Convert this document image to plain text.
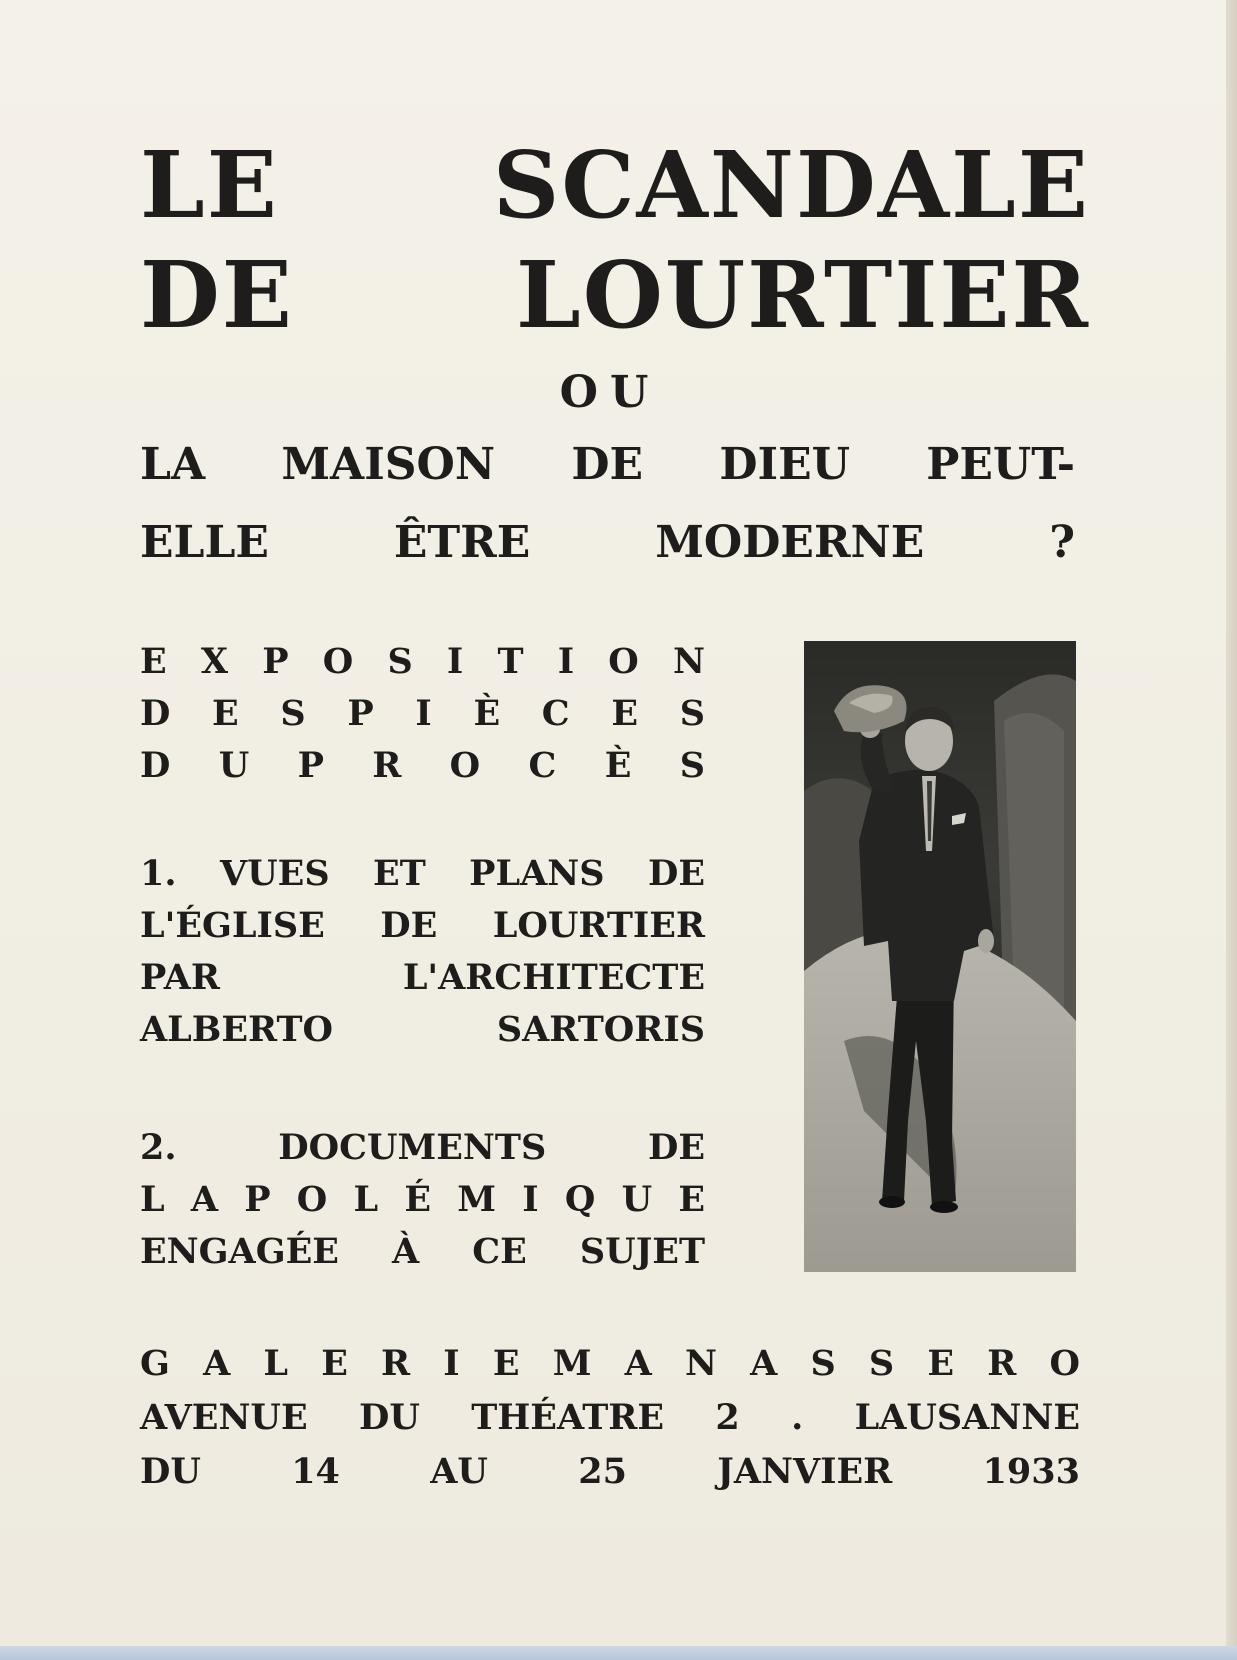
LE SCANDALE

DE LOURTIER

OU

LA MAISON DE DIEU PEUT-

ELLE ÊTRE MODERNE ?

E X P O S I T I O N

D E S P I È C E S

D U P R O C È S

1. VUES ET PLANS DE

L'ÉGLISE DE LOURTIER

PAR L'ARCHITECTE

ALBERTO SARTORIS

2. DOCUMENTS DE

L A P O L É M I Q U E

ENGAGÉE À CE SUJET

G A L E R I E M A N A S S E R O

AVENUE DU THÉATRE 2 . LAUSANNE

DU 14 AU 25 JANVIER 1933
